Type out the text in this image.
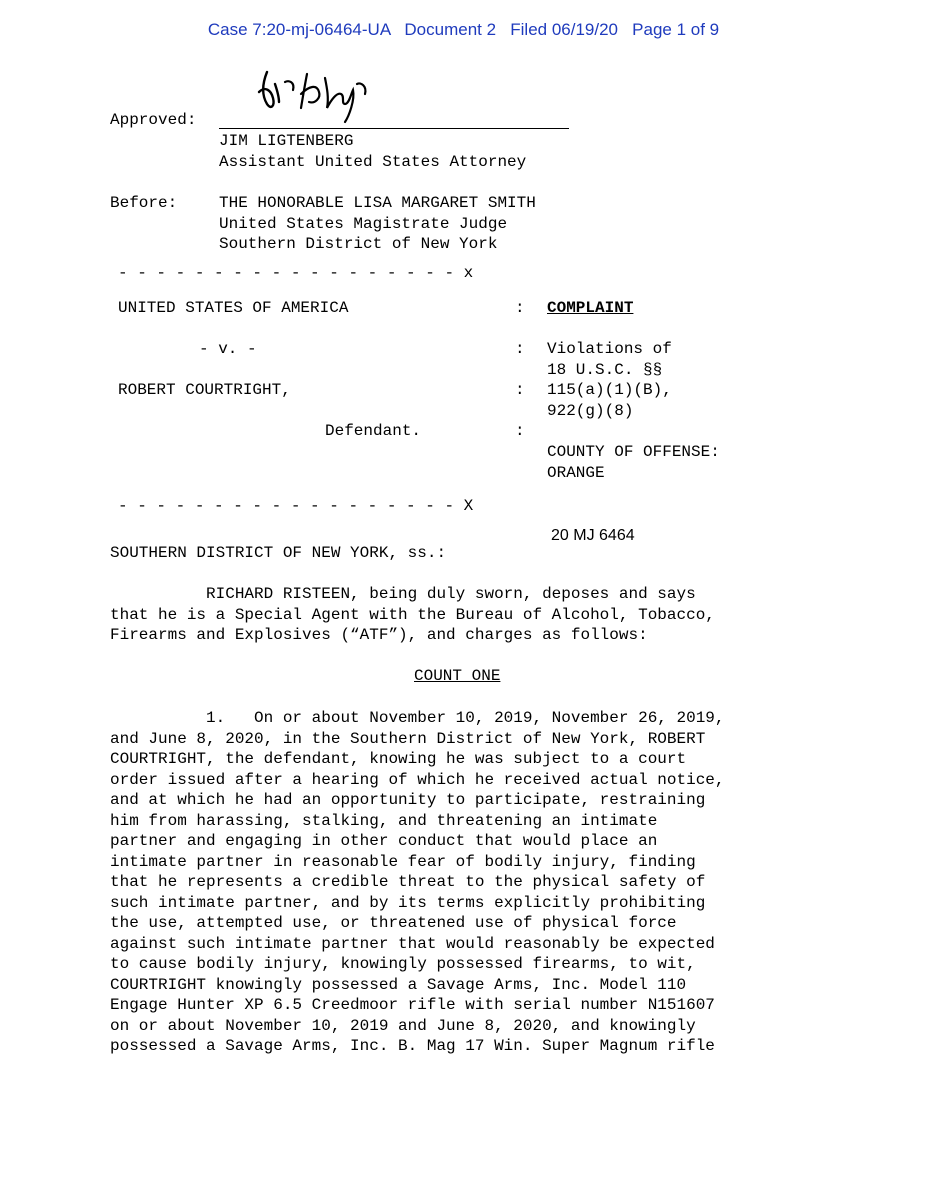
Case 7:20-mj-06464-UA Document 2 Filed 06/19/20 Page 1 of 9
Approved:
JIM LIGTENBERG
Assistant United States Attorney
Before:	THE HONORABLE LISA MARGARET SMITH
United States Magistrate Judge
Southern District of New York
- - - - - - - - - - - - - - - - - - x
UNITED STATES OF AMERICA	: COMPLAINT
- v. -	: Violations of
18 U.S.C. §§
ROBERT COURTRIGHT,	: 115(a)(1)(B),
922(g)(8)
Defendant.	:
COUNTY OF OFFENSE:
ORANGE
- - - - - - - - - - - - - - - - - - X
20 MJ 6464
SOUTHERN DISTRICT OF NEW YORK, ss.:
RICHARD RISTEEN, being duly sworn, deposes and says
that he is a Special Agent with the Bureau of Alcohol, Tobacco,
Firearms and Explosives (“ATF”), and charges as follows:
COUNT ONE
1.   On or about November 10, 2019, November 26, 2019,
and June 8, 2020, in the Southern District of New York, ROBERT
COURTRIGHT, the defendant, knowing he was subject to a court
order issued after a hearing of which he received actual notice,
and at which he had an opportunity to participate, restraining
him from harassing, stalking, and threatening an intimate
partner and engaging in other conduct that would place an
intimate partner in reasonable fear of bodily injury, finding
that he represents a credible threat to the physical safety of
such intimate partner, and by its terms explicitly prohibiting
the use, attempted use, or threatened use of physical force
against such intimate partner that would reasonably be expected
to cause bodily injury, knowingly possessed firearms, to wit,
COURTRIGHT knowingly possessed a Savage Arms, Inc. Model 110
Engage Hunter XP 6.5 Creedmoor rifle with serial number N151607
on or about November 10, 2019 and June 8, 2020, and knowingly
possessed a Savage Arms, Inc. B. Mag 17 Win. Super Magnum rifle
